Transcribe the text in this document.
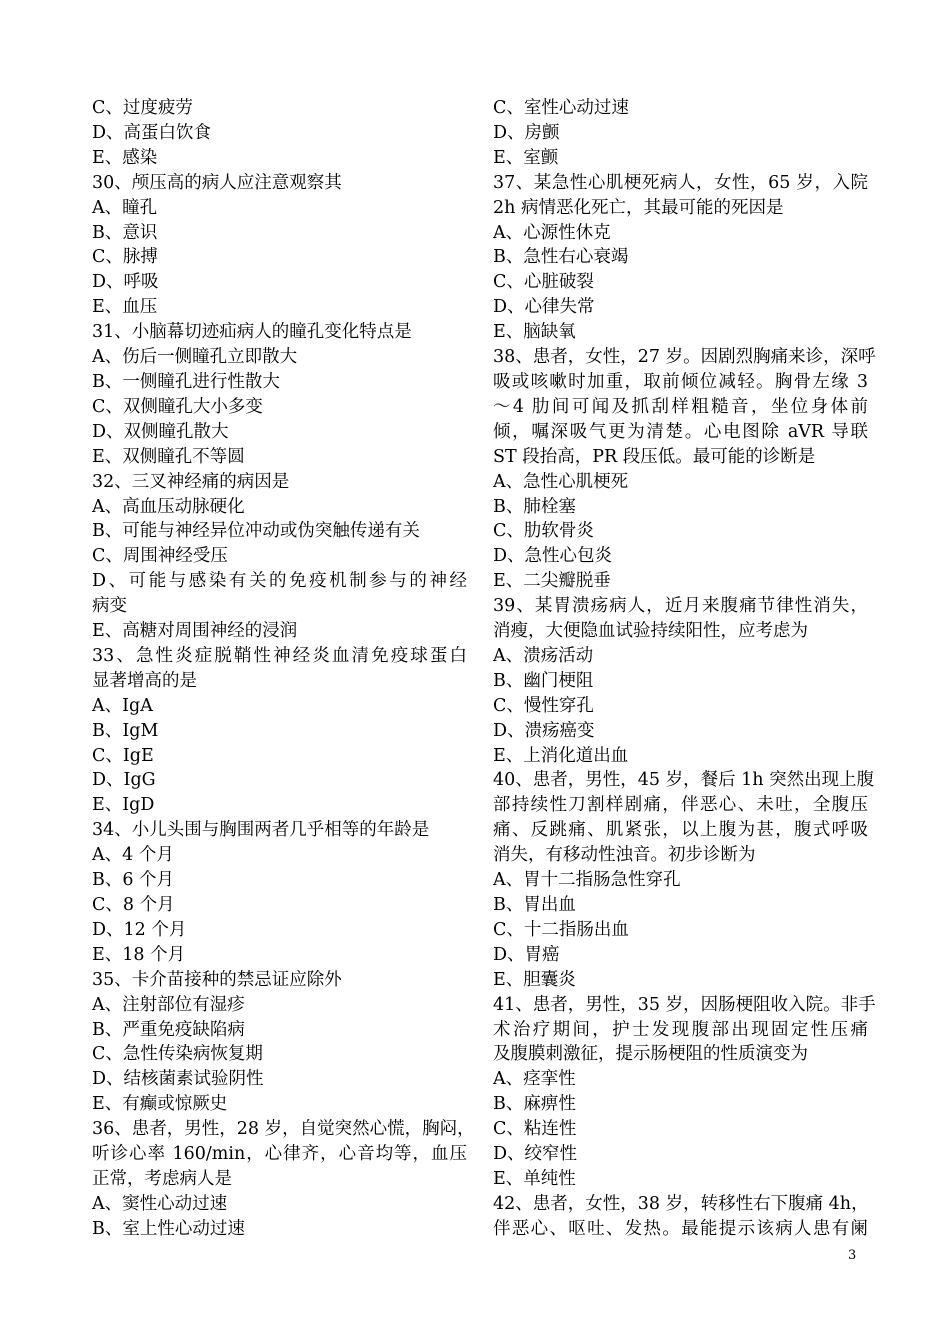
C、过度疲劳
D、高蛋白饮食
E、感染
30、颅压高的病人应注意观察其
A、瞳孔
B、意识
C、脉搏
D、呼吸
E、血压
31、小脑幕切迹疝病人的瞳孔变化特点是
A、伤后一侧瞳孔立即散大
B、一侧瞳孔进行性散大
C、双侧瞳孔大小多变
D、双侧瞳孔散大
E、双侧瞳孔不等圆
32、三叉神经痛的病因是
A、高血压动脉硬化
B、可能与神经异位冲动或伪突触传递有关
C、周围神经受压
D、可能与感染有关的免疫机制参与的神经
病变
E、高糖对周围神经的浸润
33、急性炎症脱鞘性神经炎血清免疫球蛋白
显著增高的是
A、IgA
B、IgM
C、IgE
D、IgG
E、IgD
34、小儿头围与胸围两者几乎相等的年龄是
A、4 个月
B、6 个月
C、8 个月
D、12 个月
E、18 个月
35、卡介苗接种的禁忌证应除外
A、注射部位有湿疹
B、严重免疫缺陷病
C、急性传染病恢复期
D、结核菌素试验阴性
E、有癫或惊厥史
36、患者，男性，28 岁，自觉突然心慌，胸闷，
听诊心率 160/min，心律齐，心音均等，血压
正常，考虑病人是
A、窦性心动过速
B、室上性心动过速
C、室性心动过速
D、房颤
E、室颤
37、某急性心肌梗死病人，女性，65 岁，入院
2h 病情恶化死亡，其最可能的死因是
A、心源性休克
B、急性右心衰竭
C、心脏破裂
D、心律失常
E、脑缺氧
38、患者，女性，27 岁。因剧烈胸痛来诊，深呼
吸或咳嗽时加重，取前倾位减轻。胸骨左缘 3
～4 肋间可闻及抓刮样粗糙音，坐位身体前
倾，嘱深吸气更为清楚。心电图除 aVR 导联
ST 段抬高，PR 段压低。最可能的诊断是
A、急性心肌梗死
B、肺栓塞
C、肋软骨炎
D、急性心包炎
E、二尖瓣脱垂
39、某胃溃疡病人，近月来腹痛节律性消失，
消瘦，大便隐血试验持续阳性，应考虑为
A、溃疡活动
B、幽门梗阻
C、慢性穿孔
D、溃疡癌变
E、上消化道出血
40、患者，男性，45 岁，餐后 1h 突然出现上腹
部持续性刀割样剧痛，伴恶心、未吐，全腹压
痛、反跳痛、肌紧张，以上腹为甚，腹式呼吸
消失，有移动性浊音。初步诊断为
A、胃十二指肠急性穿孔
B、胃出血
C、十二指肠出血
D、胃癌
E、胆囊炎
41、患者，男性，35 岁，因肠梗阻收入院。非手
术治疗期间，护士发现腹部出现固定性压痛
及腹膜刺激征，提示肠梗阻的性质演变为
A、痉挛性
B、麻痹性
C、粘连性
D、绞窄性
E、单纯性
42、患者，女性，38 岁，转移性右下腹痛 4h，
伴恶心、呕吐、发热。最能提示该病人患有阑
3
